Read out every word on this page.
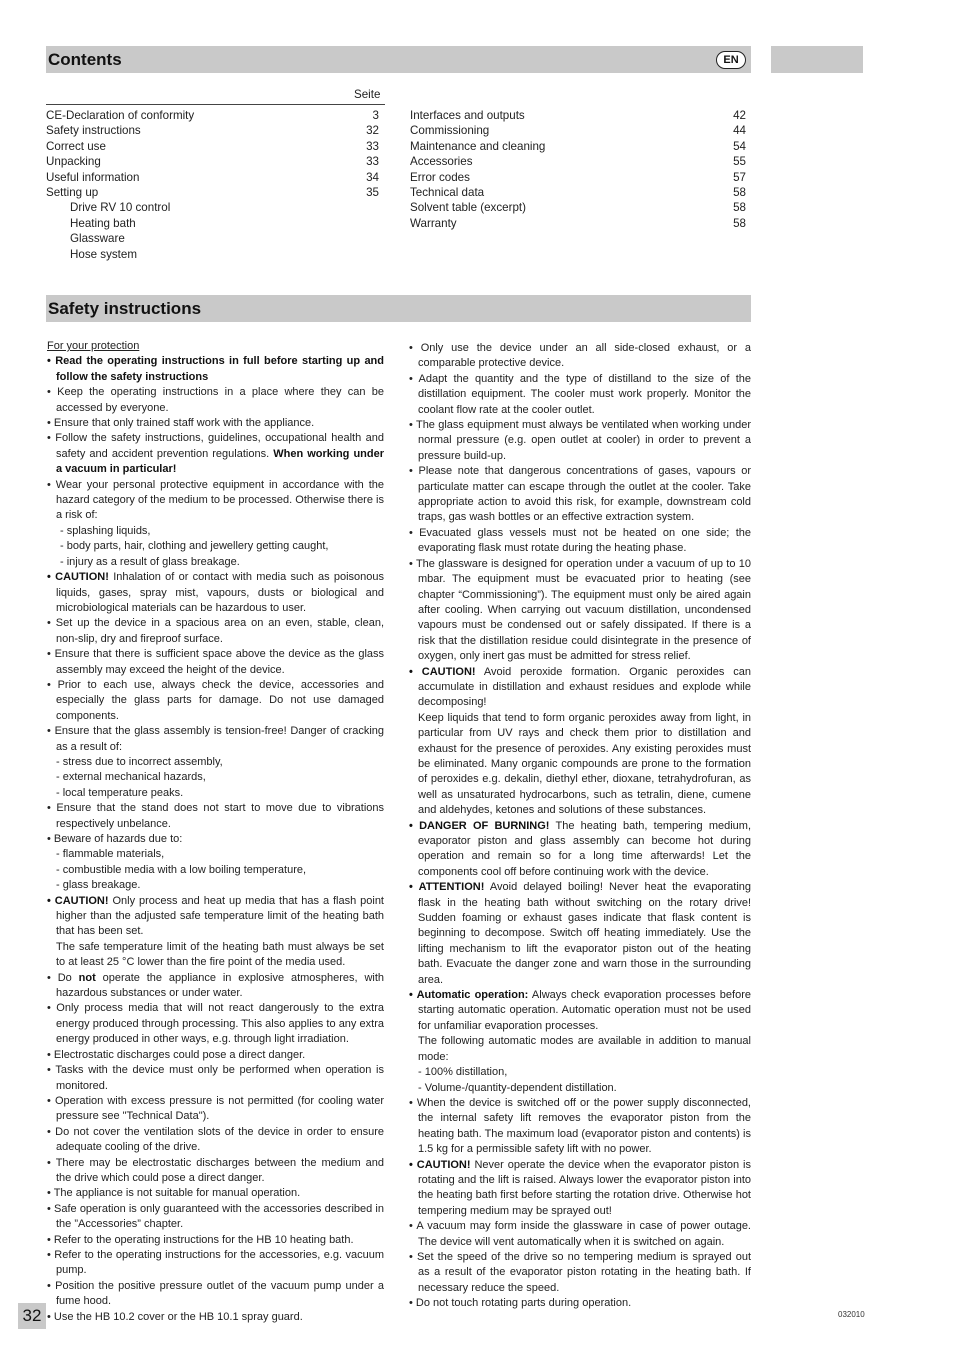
Contents	EN
Seite
CE-Declaration of conformity	3
Safety instructions	32
Correct use	33
Unpacking	33
Useful information	34
Setting up	35
Drive RV 10 control
Heating bath
Glassware
Hose system
Interfaces and outputs	42
Commissioning	44
Maintenance and cleaning	54
Accessories	55
Error codes	57
Technical data	58
Solvent table (excerpt)	58
Warranty	58
Safety instructions

For your protection

• Read the operating instructions in full before starting up and follow the safety instructions

• Keep the operating instructions in a place where they can be accessed by everyone.

• Ensure that only trained staff work with the appliance.

• Follow the safety instructions, guidelines, occupational health and safety and accident prevention regulations. When working under a vacuum in particular!

• Wear your personal protective equipment in accordance with the hazard category of the medium to be processed. Otherwise there is a risk of:

- splashing liquids,

- body parts, hair, clothing and jewellery getting caught,

- injury as a result of glass breakage.

• CAUTION! Inhalation of or contact with media such as poisonous liquids, gases, spray mist, vapours, dusts or biological and microbiological materials can be hazardous to user.

• Set up the device in a spacious area on an even, stable, clean, non-slip, dry and fireproof surface.

• Ensure that there is sufficient space above the device as the glass assembly may exceed the height of the device.

• Prior to each use, always check the device, accessories and especially the glass parts for damage. Do not use damaged components.

• Ensure that the glass assembly is tension-free! Danger of cracking as a result of:

- stress due to incorrect assembly,

- external mechanical hazards,

- local temperature peaks.

• Ensure that the stand does not start to move due to vibrations respectively unbelance.

• Beware of hazards due to:

- flammable materials,

- combustible media with a low boiling temperature,

- glass breakage.

• CAUTION! Only process and heat up media that has a flash point higher than the adjusted safe temperature limit of the heating bath that has been set.

The safe temperature limit of the heating bath must always be set to at least 25 °C lower than the fire point of the media used.

• Do not operate the appliance in explosive atmospheres, with hazardous substances or under water.

• Only process media that will not react dangerously to the extra energy produced through processing. This also applies to any extra energy produced in other ways, e.g. through light irradiation.

• Electrostatic discharges could pose a direct danger.

• Tasks with the device must only be performed when operation is monitored.

• Operation with excess pressure is not permitted (for cooling water pressure see "Technical Data").

• Do not cover the ventilation slots of the device in order to ensure adequate cooling of the drive.

• There may be electrostatic discharges between the medium and the drive which could pose a direct danger.

• The appliance is not suitable for manual operation.

• Safe operation is only guaranteed with the accessories described in the ”Accessories” chapter.

• Refer to the operating instructions for the HB 10 heating bath.

• Refer to the operating instructions for the accessories, e.g. vacuum pump.

• Position the positive pressure outlet of the vacuum pump under a fume hood.

• Use the HB 10.2 cover or the HB 10.1 spray guard.

• Only use the device under an all side-closed exhaust, or a comparable protective device.

• Adapt the quantity and the type of distilland to the size of the distillation equipment. The cooler must work properly. Monitor the coolant flow rate at the cooler outlet.

• The glass equipment must always be ventilated when working under normal pressure (e.g. open outlet at cooler) in order to prevent a pressure build-up.

• Please note that dangerous concentrations of gases, vapours or particulate matter can escape through the outlet at the cooler. Take appropriate action to avoid this risk, for example, downstream cold traps, gas wash bottles or an effective extraction system.

• Evacuated glass vessels must not be heated on one side; the evaporating flask must rotate during the heating phase.

• The glassware is designed for operation under a vacuum of up to 10 mbar. The equipment must be evacuated prior to heating (see chapter “Commissioning”). The equipment must only be aired again after cooling. When carrying out vacuum distillation, uncondensed vapours must be condensed out or safely dissipated. If there is a risk that the distillation residue could disintegrate in the presence of oxygen, only inert gas must be admitted for stress relief.

• CAUTION! Avoid peroxide formation. Organic peroxides can accumulate in distillation and exhaust residues and explode while decomposing!

Keep liquids that tend to form organic peroxides away from light, in particular from UV rays and check them prior to distillation and exhaust for the presence of peroxides. Any existing peroxides must be eliminated. Many organic compounds are prone to the formation of peroxides e.g. dekalin, diethyl ether, dioxane, tetrahydrofuran, as well as unsaturated hydrocarbons, such as tetralin, diene, cumene and aldehydes, ketones and solutions of these substances.

• DANGER OF BURNING! The heating bath, tempering medium, evaporator piston and glass assembly can become hot during operation and remain so for a long time afterwards! Let the components cool off before continuing work with the device.

• ATTENTION! Avoid delayed boiling! Never heat the evaporating flask in the heating bath without switching on the rotary drive! Sudden foaming or exhaust gases indicate that flask content is beginning to decompose. Switch off heating immediately. Use the lifting mechanism to lift the evaporator piston out of the heating bath. Evacuate the danger zone and warn those in the surrounding area.

• Automatic operation: Always check evaporation processes before starting automatic operation. Automatic operation must not be used for unfamiliar evaporation processes.

The following automatic modes are available in addition to manual mode:

- 100% distillation,

- Volume-/quantity-dependent distillation.

• When the device is switched off or the power supply disconnected, the internal safety lift removes the evaporator piston from the heating bath. The maximum load (evaporator piston and contents) is 1.5 kg for a permissible safety lift with no power.

• CAUTION! Never operate the device when the evaporator piston is rotating and the lift is raised. Always lower the evaporator piston into the heating bath first before starting the rotation drive. Otherwise hot tempering medium may be sprayed out!

• A vacuum may form inside the glassware in case of power outage. The device will vent automatically when it is switched on again.

• Set the speed of the drive so no tempering medium is sprayed out as a result of the evaporator piston rotating in the heating bath. If necessary reduce the speed.

• Do not touch rotating parts during operation.

32	032010
